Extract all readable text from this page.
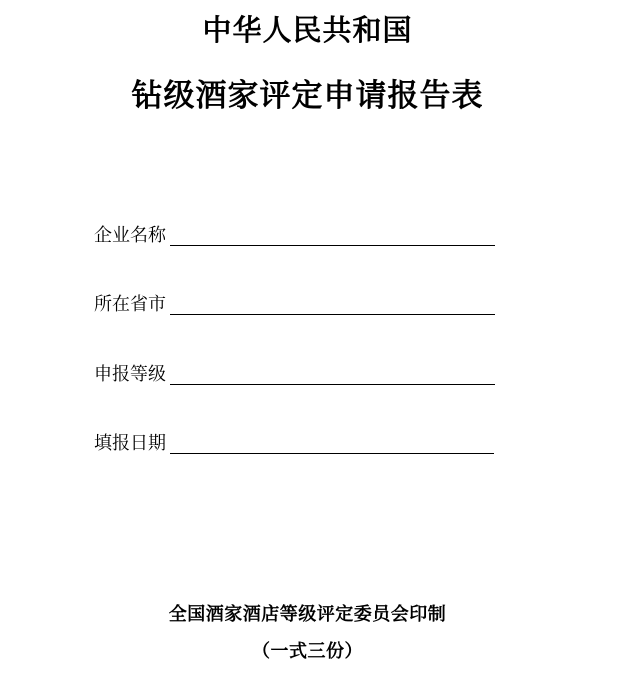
中华人民共和国
钻级酒家评定申请报告表
企业名称
所在省市
申报等级
填报日期
全国酒家酒店等级评定委员会印制
（一式三份）
